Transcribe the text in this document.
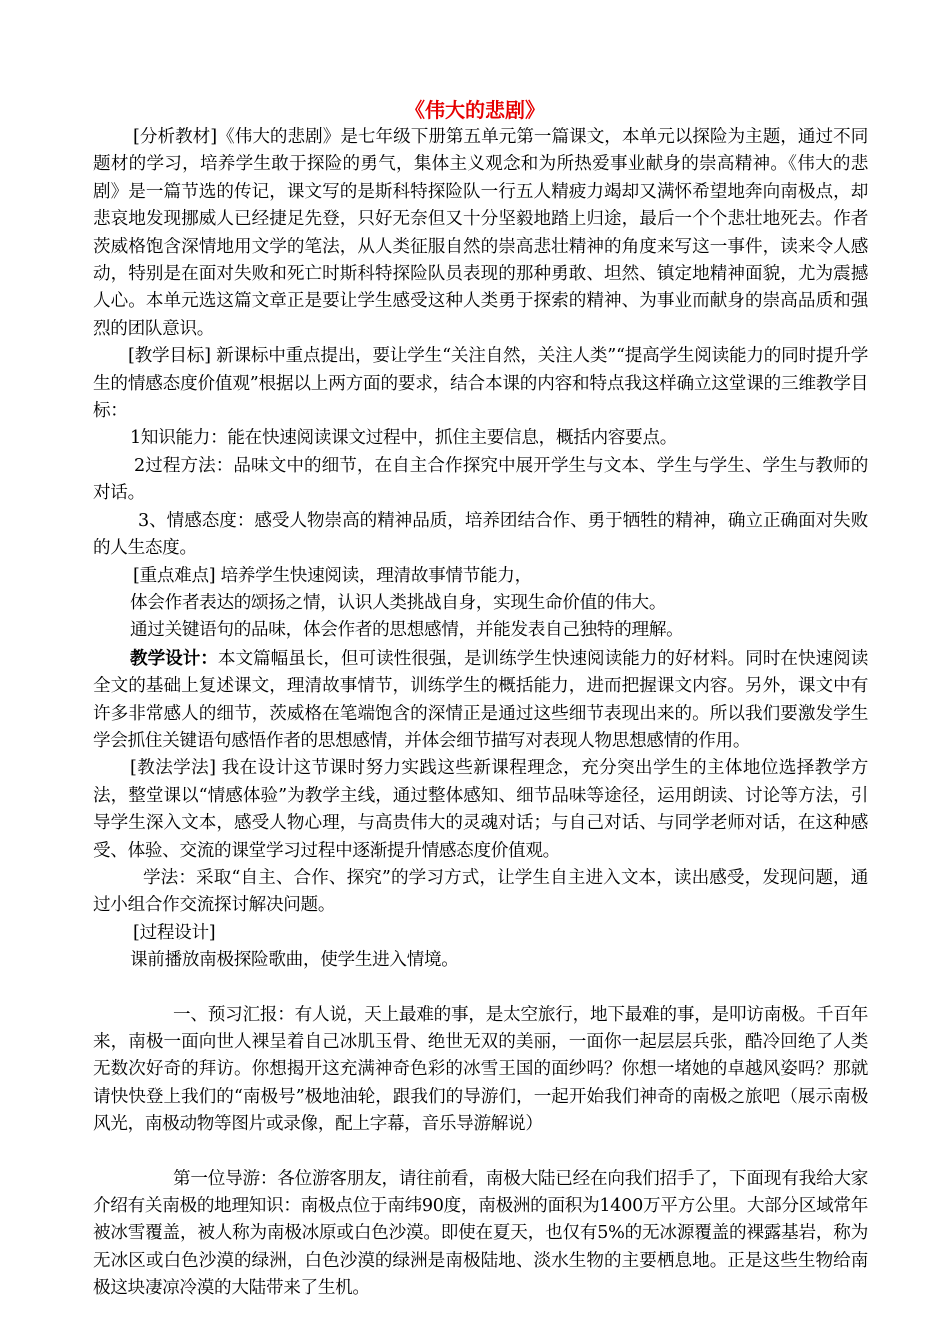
《伟大的悲剧》

[分析教材]《伟大的悲剧》是七年级下册第五单元第一篇课文，本单元以探险为主题，通过不同题材的学习，培养学生敢于探险的勇气，集体主义观念和为所热爱事业献身的崇高精神。《伟大的悲剧》是一篇节选的传记，课文写的是斯科特探险队一行五人精疲力竭却又满怀希望地奔向南极点，却悲哀地发现挪威人已经捷足先登，只好无奈但又十分坚毅地踏上归途，最后一个个悲壮地死去。作者茨威格饱含深情地用文学的笔法，从人类征服自然的崇高悲壮精神的角度来写这一事件，读来令人感动，特别是在面对失败和死亡时斯科特探险队员表现的那种勇敢、坦然、镇定地精神面貌，尤为震撼人心。本单元选这篇文章正是要让学生感受这种人类勇于探索的精神、为事业而献身的崇高品质和强烈的团队意识。

[教学目标] 新课标中重点提出，要让学生“关注自然，关注人类”“提高学生阅读能力的同时提升学生的情感态度价值观”根据以上两方面的要求，结合本课的内容和特点我这样确立这堂课的三维教学目标：

1知识能力：能在快速阅读课文过程中，抓住主要信息，概括内容要点。

2过程方法：品味文中的细节，在自主合作探究中展开学生与文本、学生与学生、学生与教师的对话。

3、情感态度：感受人物崇高的精神品质，培养团结合作、勇于牺牲的精神，确立正确面对失败的人生态度。

[重点难点] 培养学生快速阅读，理清故事情节能力，

体会作者表达的颂扬之情，认识人类挑战自身，实现生命价值的伟大。

通过关键语句的品味，体会作者的思想感情，并能发表自己独特的理解。

教学设计：本文篇幅虽长，但可读性很强，是训练学生快速阅读能力的好材料。同时在快速阅读全文的基础上复述课文，理清故事情节，训练学生的概括能力，进而把握课文内容。另外，课文中有许多非常感人的细节，茨威格在笔端饱含的深情正是通过这些细节表现出来的。所以我们要激发学生学会抓住关键语句感悟作者的思想感情，并体会细节描写对表现人物思想感情的作用。

[教法学法] 我在设计这节课时努力实践这些新课程理念，充分突出学生的主体地位选择教学方法，整堂课以“情感体验”为教学主线，通过整体感知、细节品味等途径，运用朗读、讨论等方法，引导学生深入文本，感受人物心理，与高贵伟大的灵魂对话；与自己对话、与同学老师对话，在这种感受、体验、交流的课堂学习过程中逐渐提升情感态度价值观。

学法：采取“自主、合作、探究”的学习方式，让学生自主进入文本，读出感受，发现问题，通过小组合作交流探讨解决问题。

[过程设计]

课前播放南极探险歌曲，使学生进入情境。

一、预习汇报：有人说，天上最难的事，是太空旅行，地下最难的事，是叩访南极。千百年来，南极一面向世人裸呈着自己冰肌玉骨、绝世无双的美丽，一面你一起层层兵张，酷冷回绝了人类无数次好奇的拜访。你想揭开这充满神奇色彩的冰雪王国的面纱吗？你想一堵她的卓越风姿吗？那就请快快登上我们的“南极号”极地油轮，跟我们的导游们，一起开始我们神奇的南极之旅吧（展示南极风光，南极动物等图片或录像，配上字幕，音乐导游解说）

第一位导游：各位游客朋友，请往前看，南极大陆已经在向我们招手了，下面现有我给大家介绍有关南极的地理知识：南极点位于南纬90度，南极洲的面积为1400万平方公里。大部分区域常年被冰雪覆盖，被人称为南极冰原或白色沙漠。即使在夏天，也仅有5%的无冰源覆盖的裸露基岩，称为无冰区或白色沙漠的绿洲，白色沙漠的绿洲是南极陆地、淡水生物的主要栖息地。正是这些生物给南极这块凄凉冷漠的大陆带来了生机。
